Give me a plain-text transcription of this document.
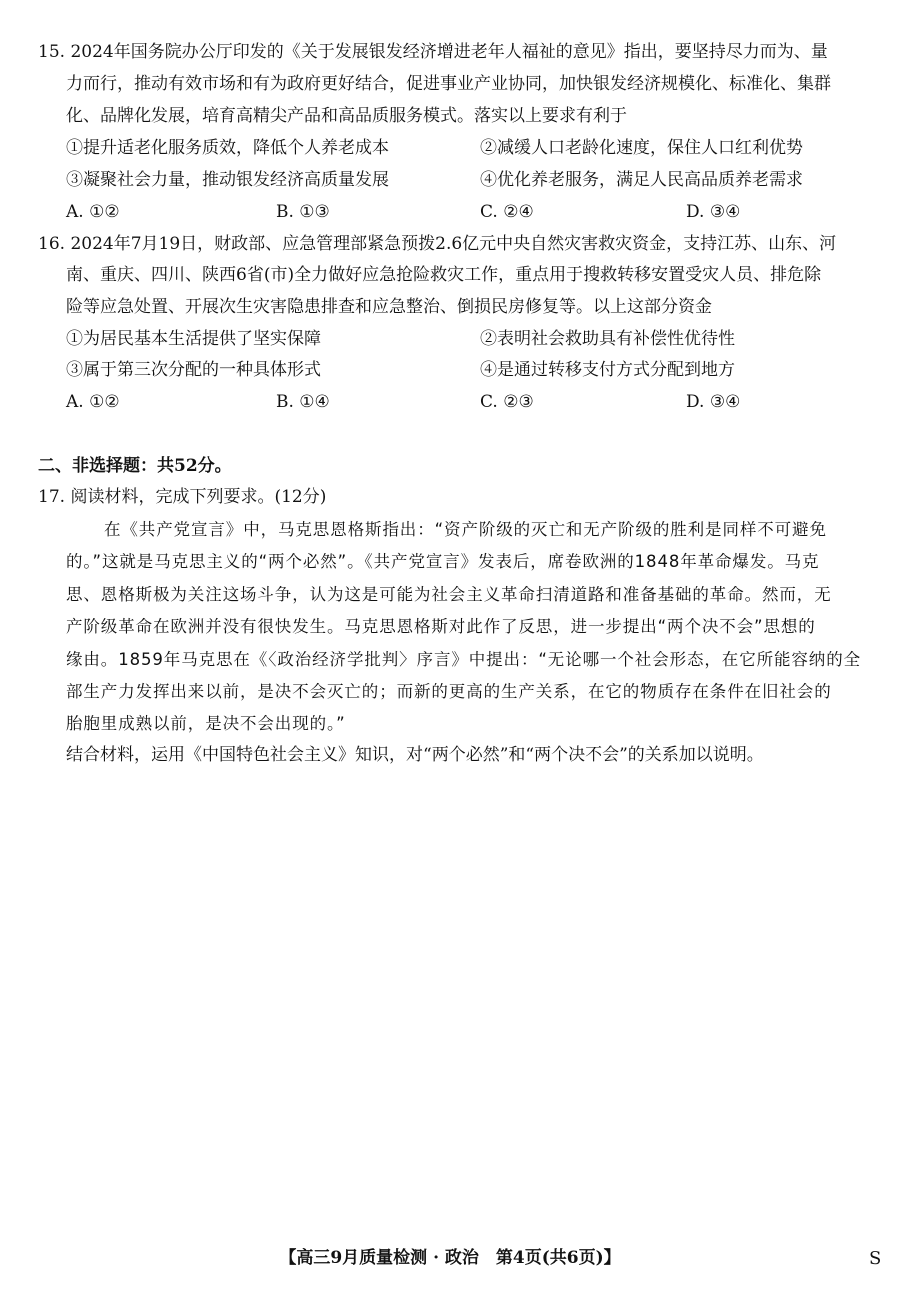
15. 2024年国务院办公厅印发的《关于发展银发经济增进老年人福祉的意见》指出，要坚持尽力而为、量
力而行，推动有效市场和有为政府更好结合，促进事业产业协同，加快银发经济规模化、标准化、集群
化、品牌化发展，培育高精尖产品和高品质服务模式。落实以上要求有利于
①提升适老化服务质效，降低个人养老成本	②减缓人口老龄化速度，保住人口红利优势
③凝聚社会力量，推动银发经济高质量发展	④优化养老服务，满足人民高品质养老需求
A. ①②	B. ①③	C. ②④	D. ③④
16. 2024年7月19日，财政部、应急管理部紧急预拨2.6亿元中央自然灾害救灾资金，支持江苏、山东、河
南、重庆、四川、陕西6省(市)全力做好应急抢险救灾工作，重点用于搜救转移安置受灾人员、排危除
险等应急处置、开展次生灾害隐患排查和应急整治、倒损民房修复等。以上这部分资金
①为居民基本生活提供了坚实保障	②表明社会救助具有补偿性优待性
③属于第三次分配的一种具体形式	④是通过转移支付方式分配到地方
A. ①②	B. ①④	C. ②③	D. ③④
二、非选择题：共52分。
17. 阅读材料，完成下列要求。(12分)
在《共产党宣言》中，马克思恩格斯指出：“资产阶级的灭亡和无产阶级的胜利是同样不可避免
的。”这就是马克思主义的“两个必然”。《共产党宣言》发表后，席卷欧洲的1848年革命爆发。马克
思、恩格斯极为关注这场斗争，认为这是可能为社会主义革命扫清道路和准备基础的革命。然而，无
产阶级革命在欧洲并没有很快发生。马克思恩格斯对此作了反思，进一步提出“两个决不会”思想的
缘由。1859年马克思在《〈政治经济学批判〉序言》中提出：“无论哪一个社会形态，在它所能容纳的全
部生产力发挥出来以前，是决不会灭亡的；而新的更高的生产关系，在它的物质存在条件在旧社会的
胎胞里成熟以前，是决不会出现的。”
结合材料，运用《中国特色社会主义》知识，对“两个必然”和“两个决不会”的关系加以说明。
【高三9月质量检测 · 政治　第4页(共6页)】	S
